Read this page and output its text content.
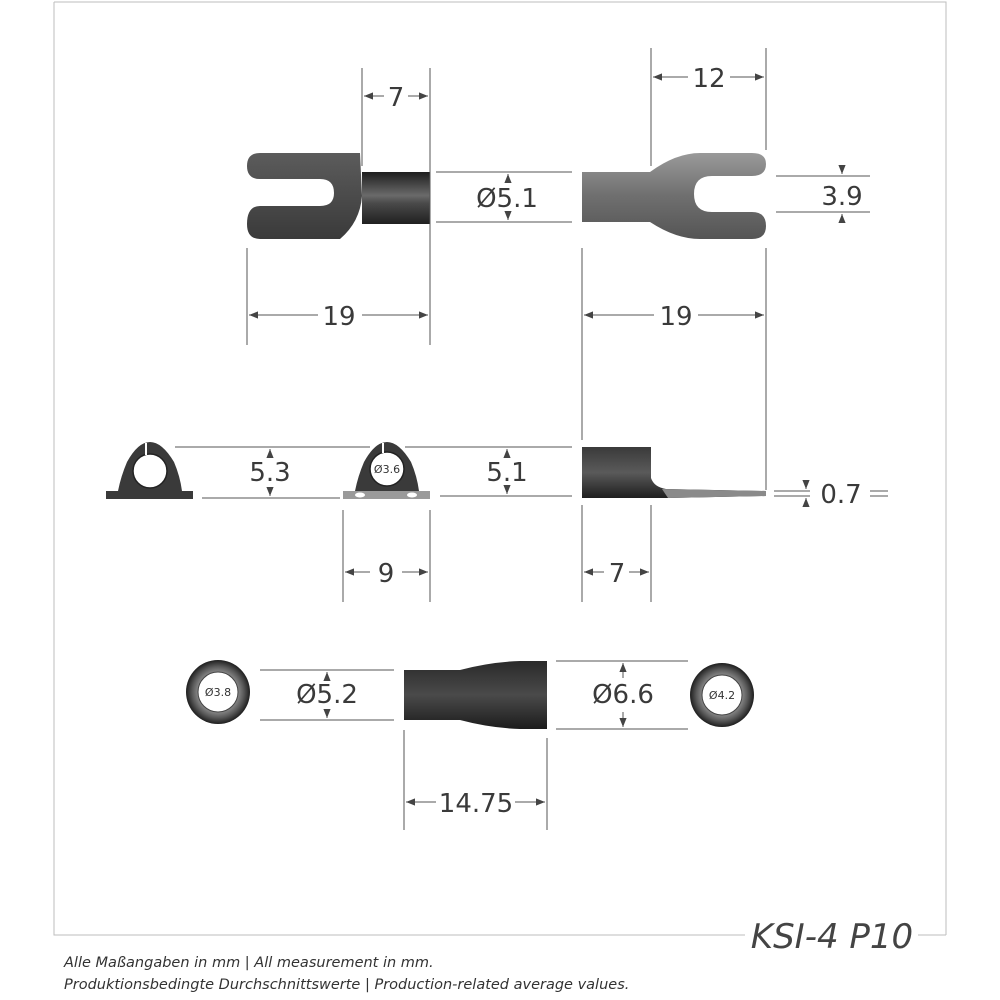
7
12
Ø5.1	3.9
19	19
Ø3.6
5.3	5.1
0.7
9	7
Ø3.8	Ø4.2
Ø5.2	Ø6.6
14.75
KSI-4 P10
Alle Maßangaben in mm | All measurement in mm.
Produktionsbedingte Durchschnittswerte | Production-related average values.
